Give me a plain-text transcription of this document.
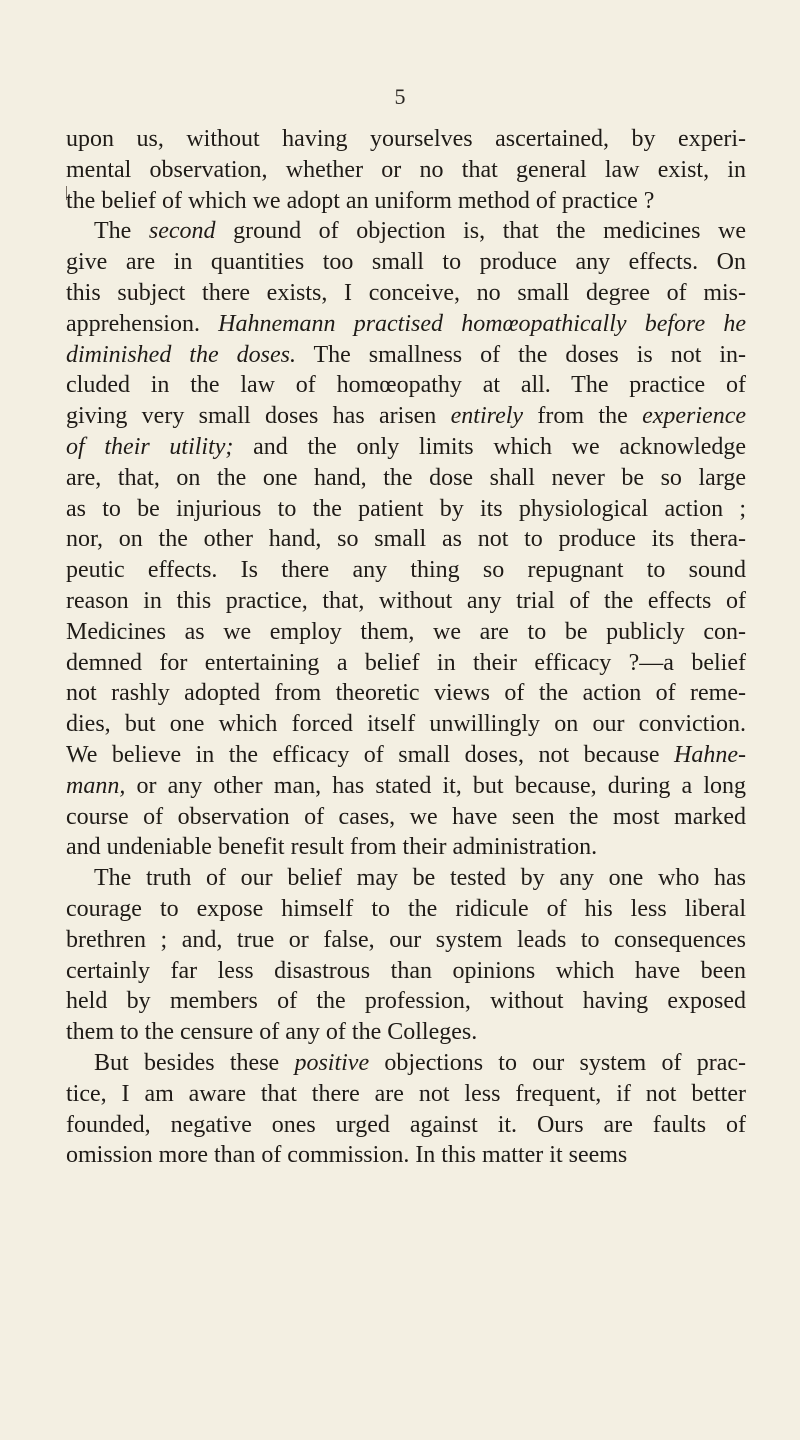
5
upon us, without having yourselves ascertained, by experi-
mental observation, whether or no that general law exist, in
the belief of which we adopt an uniform method of practice ?
The second ground of objection is, that the medicines we
give are in quantities too small to produce any effects. On
this subject there exists, I conceive, no small degree of mis-
apprehension. Hahnemann practised homœopathically before he
diminished the doses. The smallness of the doses is not in-
cluded in the law of homœopathy at all. The practice of
giving very small doses has arisen entirely from the experience
of their utility; and the only limits which we acknowledge
are, that, on the one hand, the dose shall never be so large
as to be injurious to the patient by its physiological action ;
nor, on the other hand, so small as not to produce its thera-
peutic effects. Is there any thing so repugnant to sound
reason in this practice, that, without any trial of the effects of
Medicines as we employ them, we are to be publicly con-
demned for entertaining a belief in their efficacy ?—a belief
not rashly adopted from theoretic views of the action of reme-
dies, but one which forced itself unwillingly on our conviction.
We believe in the efficacy of small doses, not because Hahne-
mann, or any other man, has stated it, but because, during a long
course of observation of cases, we have seen the most marked
and undeniable benefit result from their administration.
The truth of our belief may be tested by any one who has
courage to expose himself to the ridicule of his less liberal
brethren ; and, true or false, our system leads to consequences
certainly far less disastrous than opinions which have been
held by members of the profession, without having exposed
them to the censure of any of the Colleges.
But besides these positive objections to our system of prac-
tice, I am aware that there are not less frequent, if not better
founded, negative ones urged against it. Ours are faults of
omission more than of commission. In this matter it seems
